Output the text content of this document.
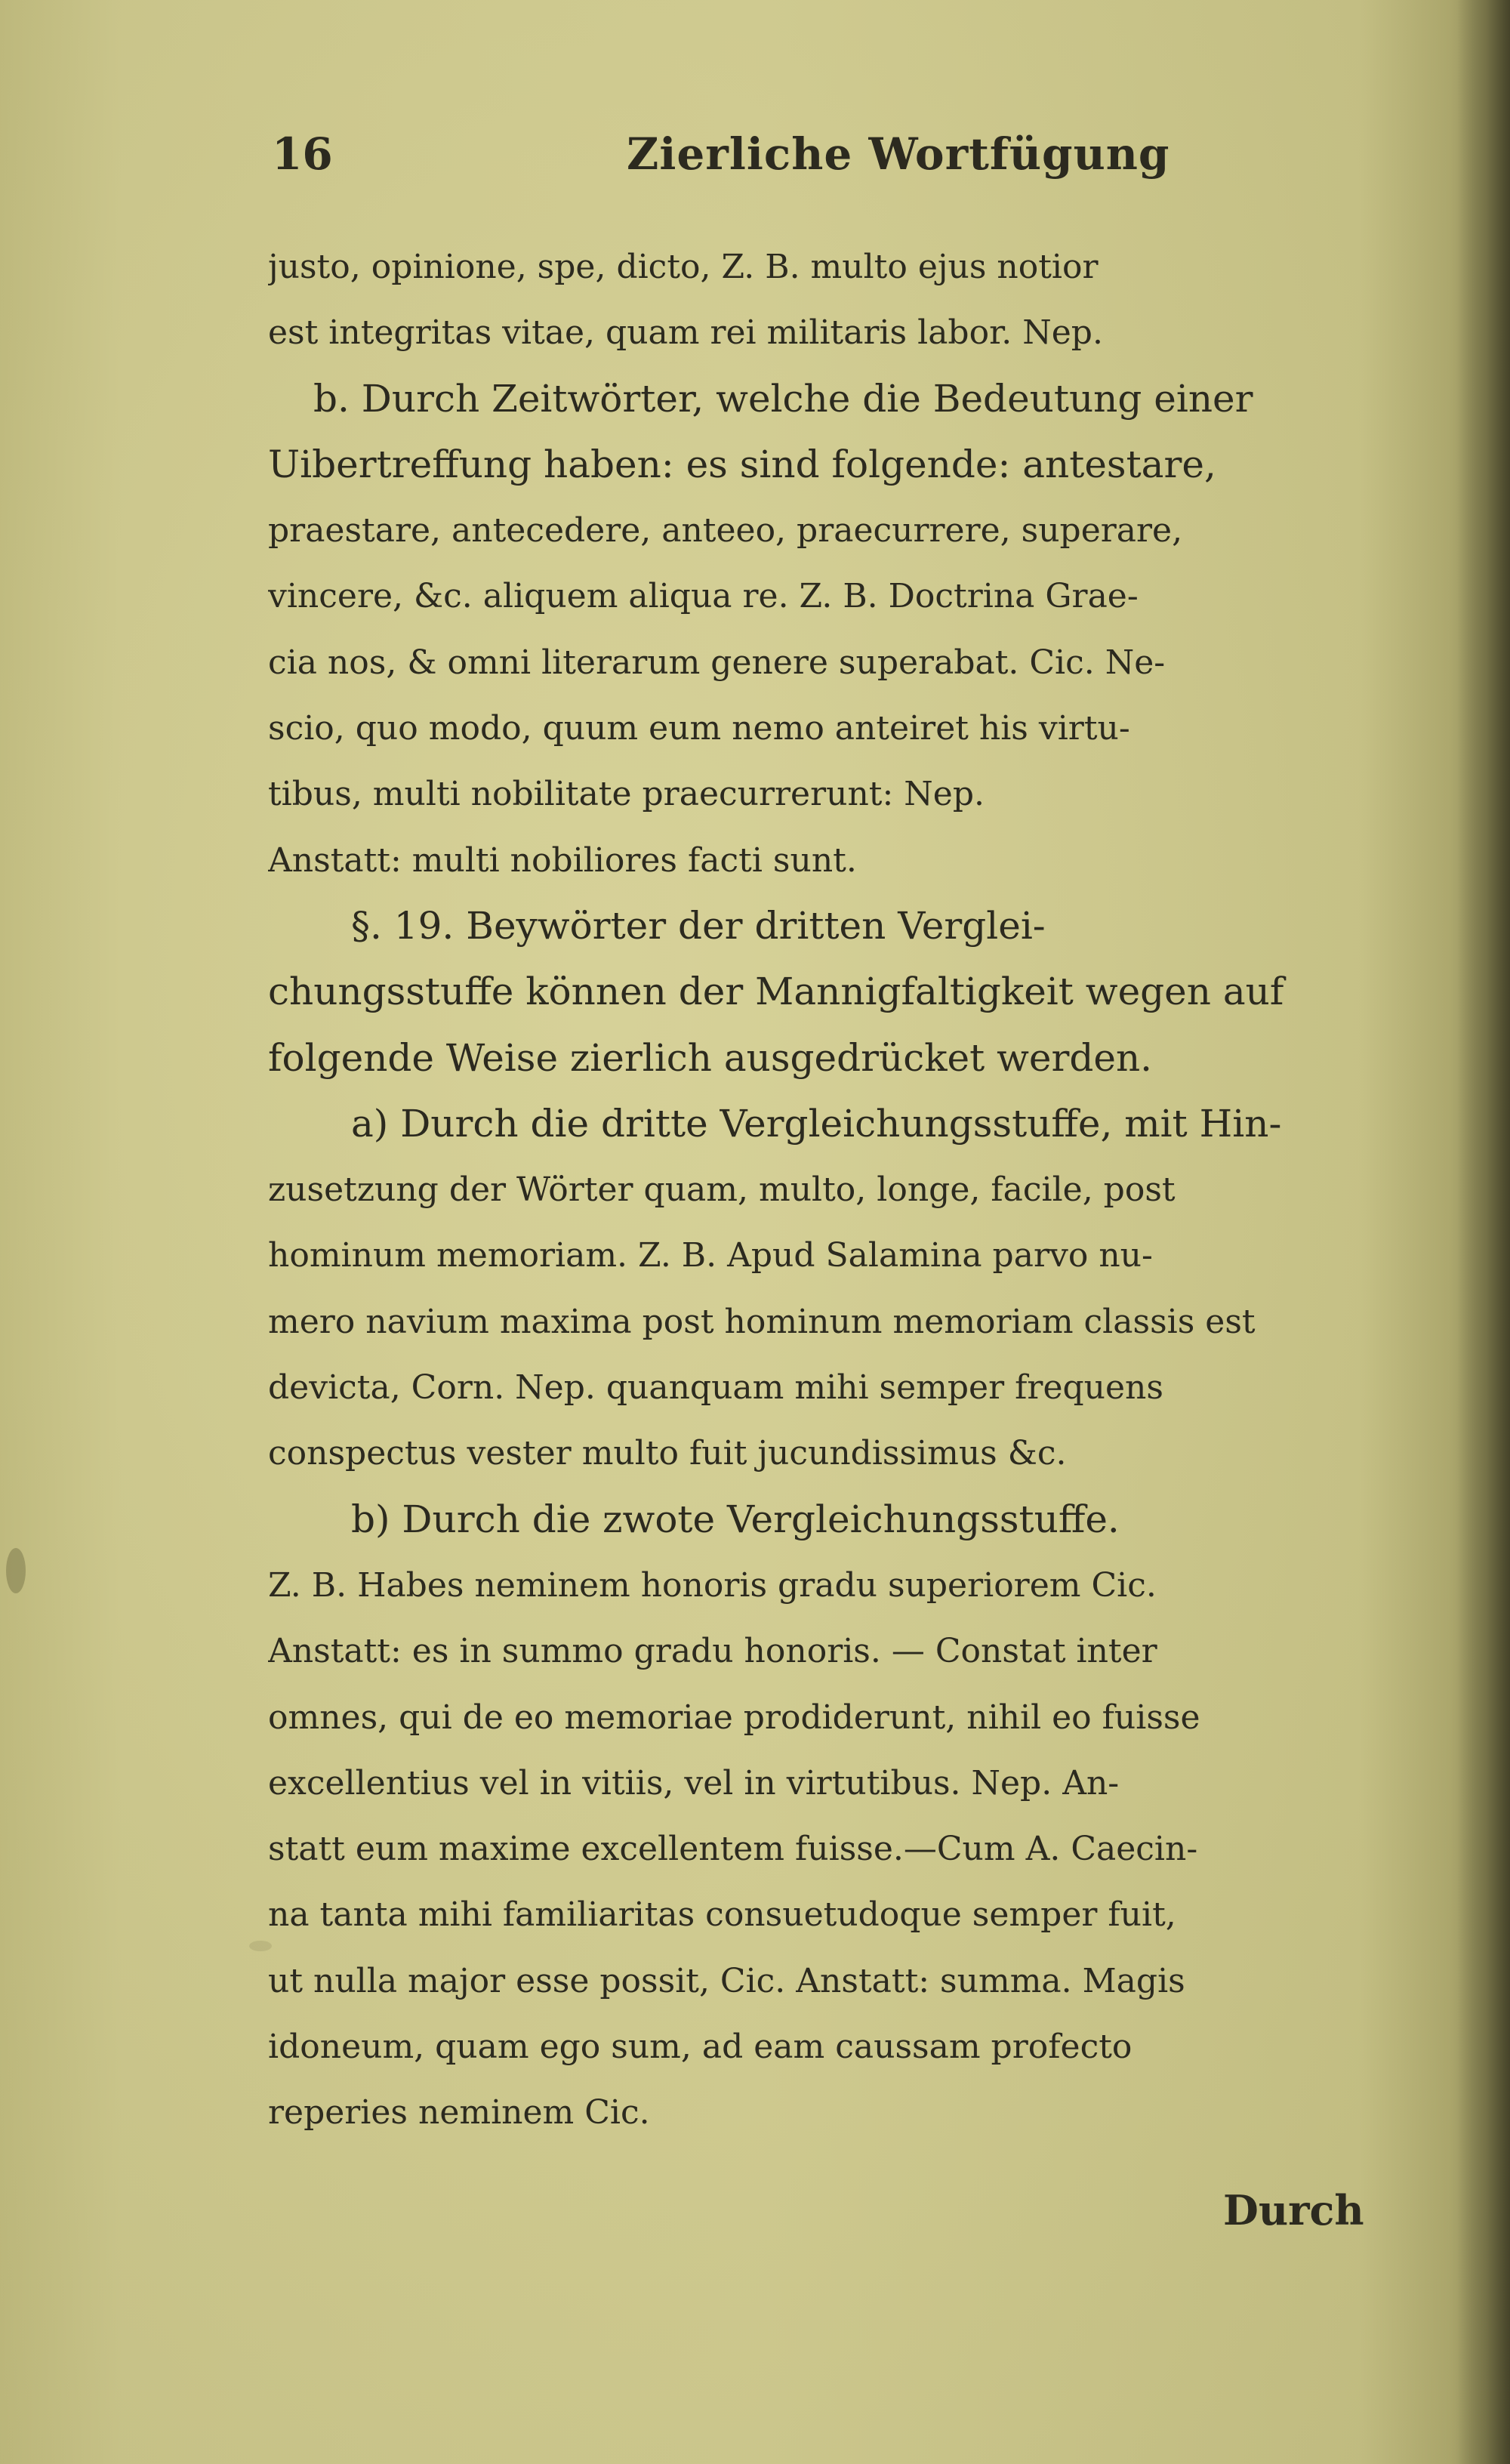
16	Zierliche Wortfügung
justo, opinione, spe, dicto, Z. B. multo ejus notior
est integritas vitae, quam rei militaris labor. Nep.
b. Durch Zeitwörter, welche die Bedeutung einer
Uibertreffung haben: es sind folgende: antestare,
praestare, antecedere, anteeo, praecurrere, superare,
vincere, &c. aliquem aliqua re. Z. B. Doctrina Grae-
cia nos, & omni literarum genere superabat. Cic. Ne-
scio, quo modo, quum eum nemo anteiret his virtu-
tibus, multi nobilitate praecurrerunt: Nep.
Anstatt: multi nobiliores facti sunt.
§. 19. Beywörter der dritten Verglei-
chungsstuffe können der Mannigfaltigkeit wegen auf
folgende Weise zierlich ausgedrücket werden.
a) Durch die dritte Vergleichungsstuffe, mit Hin-
zusetzung der Wörter quam, multo, longe, facile, post
hominum memoriam. Z. B. Apud Salamina parvo nu-
mero navium maxima post hominum memoriam classis est
devicta, Corn. Nep. quanquam mihi semper frequens
conspectus vester multo fuit jucundissimus &c.
b) Durch die zwote Vergleichungsstuffe.
Z. B. Habes neminem honoris gradu superiorem Cic.
Anstatt: es in summo gradu honoris. — Constat inter
omnes, qui de eo memoriae prodiderunt, nihil eo fuisse
excellentius vel in vitiis, vel in virtutibus. Nep. An-
statt eum maxime excellentem fuisse.—Cum A. Caecin-
na tanta mihi familiaritas consuetudoque semper fuit,
ut nulla major esse possit, Cic. Anstatt: summa. Magis
idoneum, quam ego sum, ad eam caussam profecto
reperies neminem Cic.
Durch
